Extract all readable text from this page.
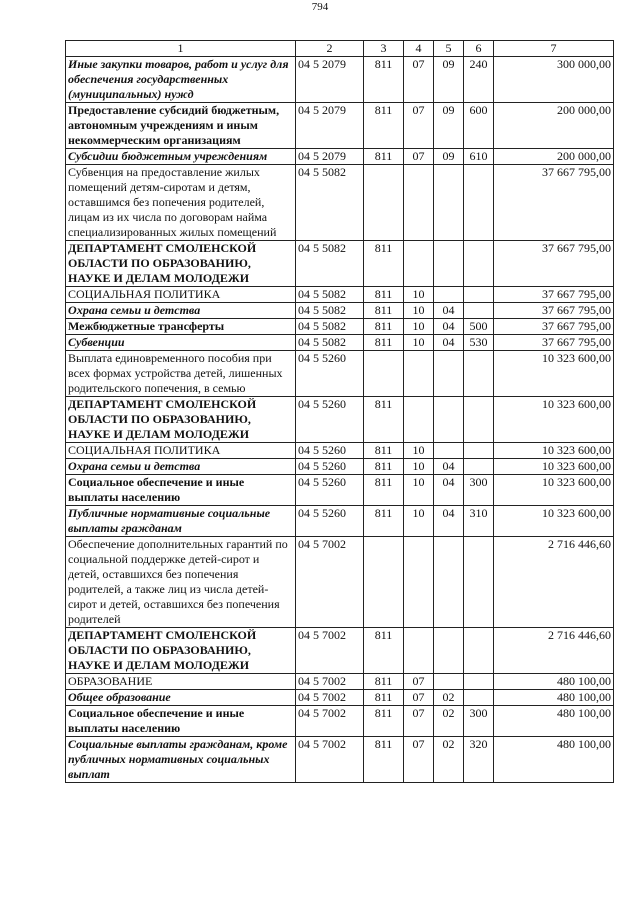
794
1	2	3	4	5	6	7
Иные закупки товаров, работ и услуг для обеспечения государственных (муниципальных) нужд	04 5 2079	811	07	09	240	300 000,00
Предоставление субсидий бюджетным, автономным учреждениям и иным некоммерческим организациям	04 5 2079	811	07	09	600	200 000,00
Субсидии бюджетным учреждениям	04 5 2079	811	07	09	610	200 000,00
Субвенция на предоставление жилых помещений детям-сиротам и детям, оставшимся без попечения родителей, лицам из их числа по договорам найма специализированных жилых помещений	04 5 5082					37 667 795,00
ДЕПАРТАМЕНТ СМОЛЕНСКОЙ ОБЛАСТИ ПО ОБРАЗОВАНИЮ, НАУКЕ И ДЕЛАМ МОЛОДЕЖИ	04 5 5082	811				37 667 795,00
СОЦИАЛЬНАЯ ПОЛИТИКА	04 5 5082	811	10			37 667 795,00
Охрана семьи и детства	04 5 5082	811	10	04		37 667 795,00
Межбюджетные трансферты	04 5 5082	811	10	04	500	37 667 795,00
Субвенции	04 5 5082	811	10	04	530	37 667 795,00
Выплата единовременного пособия при всех формах устройства детей, лишенных родительского попечения, в семью	04 5 5260					10 323 600,00
ДЕПАРТАМЕНТ СМОЛЕНСКОЙ ОБЛАСТИ ПО ОБРАЗОВАНИЮ, НАУКЕ И ДЕЛАМ МОЛОДЕЖИ	04 5 5260	811				10 323 600,00
СОЦИАЛЬНАЯ ПОЛИТИКА	04 5 5260	811	10			10 323 600,00
Охрана семьи и детства	04 5 5260	811	10	04		10 323 600,00
Социальное обеспечение и иные выплаты населению	04 5 5260	811	10	04	300	10 323 600,00
Публичные нормативные социальные выплаты гражданам	04 5 5260	811	10	04	310	10 323 600,00
Обеспечение дополнительных гарантий по социальной поддержке детей-сирот и детей, оставшихся без попечения родителей, а также лиц из числа детей-сирот и детей, оставшихся без попечения родителей	04 5 7002					2 716 446,60
ДЕПАРТАМЕНТ СМОЛЕНСКОЙ ОБЛАСТИ ПО ОБРАЗОВАНИЮ, НАУКЕ И ДЕЛАМ МОЛОДЕЖИ	04 5 7002	811				2 716 446,60
ОБРАЗОВАНИЕ	04 5 7002	811	07			480 100,00
Общее образование	04 5 7002	811	07	02		480 100,00
Социальное обеспечение и иные выплаты населению	04 5 7002	811	07	02	300	480 100,00
Социальные выплаты гражданам, кроме публичных нормативных социальных выплат	04 5 7002	811	07	02	320	480 100,00
